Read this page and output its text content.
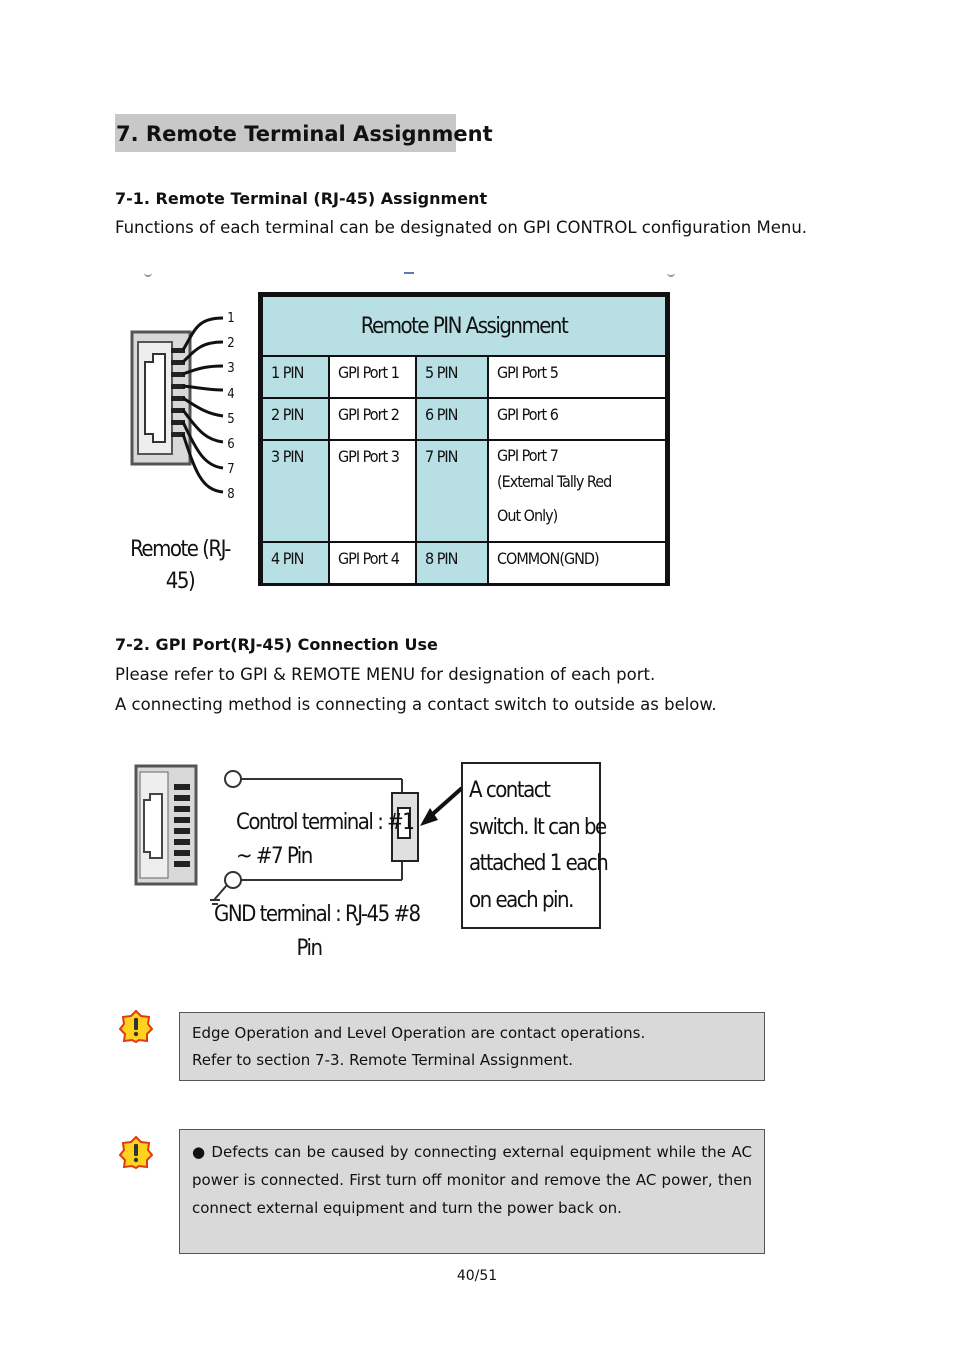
7. Remote Terminal Assignment
7-1. Remote Terminal (RJ-45) Assignment
Functions of each terminal can be designated on GPI CONTROL configuration Menu.
1
2
3
4
5
6
7
8
Remote (RJ-
45)
Remote PIN Assignment			
1 PIN	GPI Port 1	5 PIN	GPI Port 5
2 PIN	GPI Port 2	6 PIN	GPI Port 6
3 PIN	GPI Port 3	7 PIN	GPI Port 7
(External Tally Red Out Only)

4 PIN	GPI Port 4	8 PIN	COMMON(GND)
7-2. GPI Port(RJ-45) Connection Use
Please refer to GPI & REMOTE MENU for designation of each port.
A connecting method is connecting a contact switch to outside as below.
Control terminal : #1
~ #7 Pin
GND terminal : RJ-45 #8
Pin
A contact
switch. It can be
attached 1 each
on each pin.
Edge Operation and Level Operation are contact operations.
Refer to section 7-3. Remote Terminal Assignment.
● Defects can be caused by connecting external equipment while the AC power is connected. First turn off monitor and remove the AC power, then connect external equipment and turn the power back on.
40/51
